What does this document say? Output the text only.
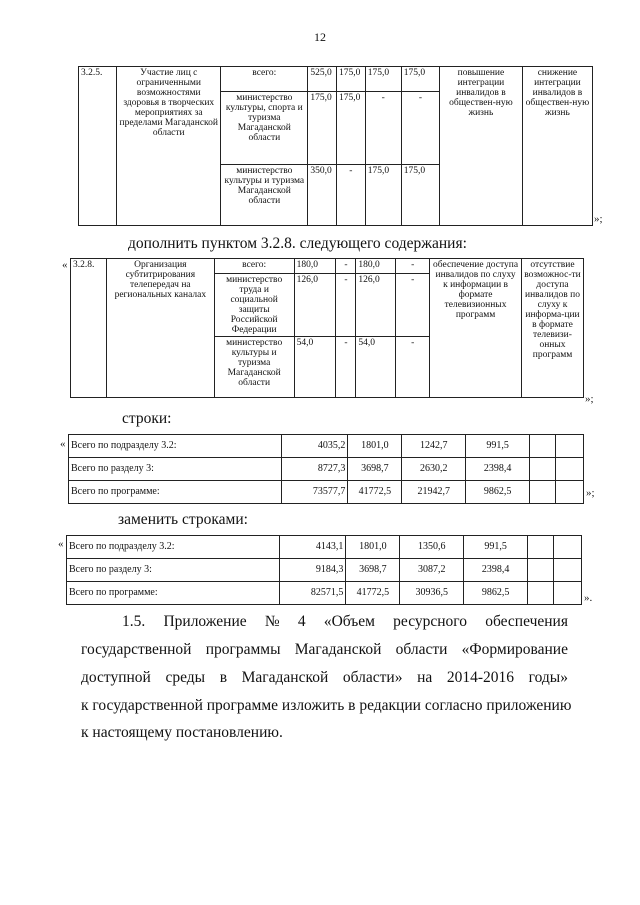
12
3.2.5.	Участие лиц с ограниченными возможностями здоровья в творческих мероприятиях за пределами Магаданской области	всего:	525,0	175,0	175,0	175,0	повышение интеграции инвалидов в обществен-ную жизнь	снижение интеграции инвалидов в обществен-ную жизнь
		министерство культуры, спорта и туризма Магаданской области	175,0	175,0	-	-		
		министерство культуры и туризма Магаданской области	350,0	-	175,0	175,0		
»;
дополнить пунктом 3.2.8. следующего содержания:
« 3.2.8.	Организация субтитрирования телепередач на региональных каналах	всего:	180,0	-	180,0	-	обеспечение доступа инвалидов по слуху к информации в формате телевизионных программ	отсутствие возможнос-ти доступа инвалидов по слуху к информа-ции в формате телевизи-онных программ
		министерство труда и социальной защиты Российской Федерации	126,0	-	126,0	-		
		министерство культуры и туризма Магаданской области	54,0	-	54,0	-		
»;
строки:
« Всего по подразделу 3.2:	4035,2	1801,0	1242,7	991,5		
Всего по разделу 3:	8727,3	3698,7	2630,2	2398,4		
Всего по программе:	73577,7	41772,5	21942,7	9862,5			»;
заменить строками:
« Всего по подразделу 3.2:	4143,1	1801,0	1350,6	991,5		
Всего по разделу 3:	9184,3	3698,7	3087,2	2398,4		
Всего по программе:	82571,5	41772,5	30936,5	9862,5			».
1.5. Приложение № 4 «Объем ресурсного обеспечения
государственной программы Магаданской области «Формирование
доступной среды в Магаданской области» на 2014-2016 годы»
к государственной программе изложить в редакции согласно приложению
к настоящему постановлению.
